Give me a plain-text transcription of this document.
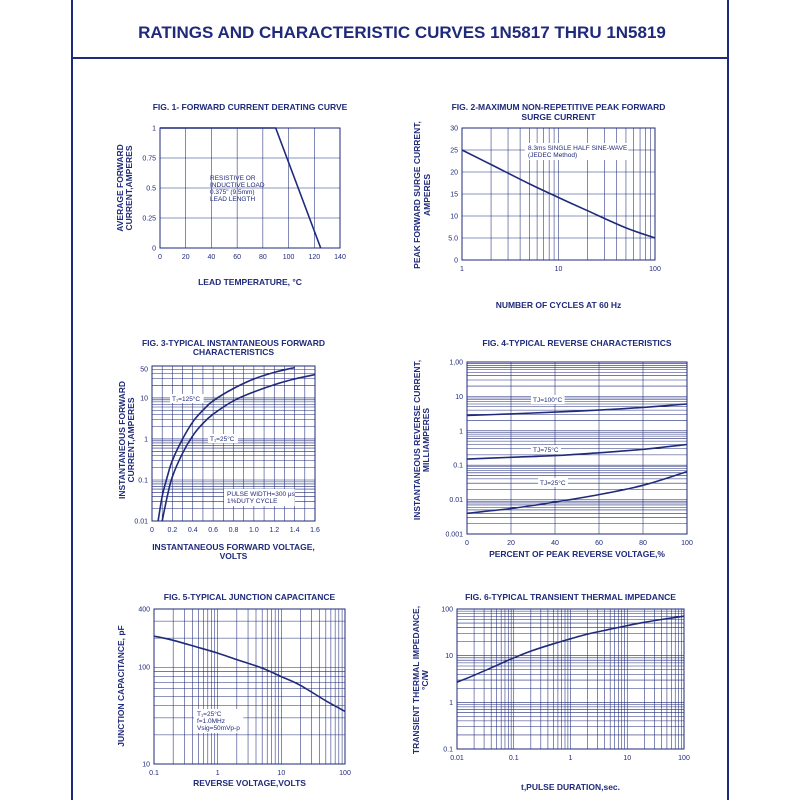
RATINGS AND CHARACTERISTIC CURVES 1N5817 THRU 1N5819
FIG. 1- FORWARD CURRENT DERATING CURVE
LEAD TEMPERATURE, °C
AVERAGE FORWARD CURRENT,AMPERES
0	20	40	60	80 100 120 140
0
0.25
0.5
0.75
1
RESISTIVE OR
INDUCTIVE LOAD
0.375" (9.5mm)
LEAD LENGTH
FIG. 2-MAXIMUM NON-REPETITIVE PEAK FORWARD
SURGE CURRENT
NUMBER OF CYCLES AT 60 Hz
PEAK FORWARD SURGE CURRENT, AMPERES
1	10	100
0
5.0
10
15
20
25
30
8.3ms SINGLE HALF SINE-WAVE
(JEDEC Method)
FIG. 3-TYPICAL INSTANTANEOUS FORWARD
CHARACTERISTICS
INSTANTANEOUS FORWARD VOLTAGE,
VOLTS
INSTANTANEOUS FORWARD CURRENT,AMPERES
0 0.2 0.4 0.6 0.8 1.0 1.2 1.4 1.6
0.01
0.1
1
10
50
PULSE WIDTH=300 μs
1%DUTY CYCLE
T₁=125°C
T₁=25°C
FIG. 4-TYPICAL REVERSE CHARACTERISTICS
PERCENT OF PEAK REVERSE VOLTAGE,%
INSTANTANEOUS REVERSE CURRENT, MILLIAMPERES
0	20	40	60	80	100
0.001
0.01
0.1
1
10
1,00
TJ=100°C
TJ=75°C
TJ=25°C
FIG. 5-TYPICAL JUNCTION CAPACITANCE
REVERSE VOLTAGE,VOLTS
JUNCTION CAPACITANCE, pF
0.1	1	10	100
10
100
400
T₁=25°C
f=1.0MHz
Vsig=50mVp-p
FIG. 6-TYPICAL TRANSIENT THERMAL IMPEDANCE
t,PULSE DURATION,sec.
TRANSIENT THERMAL IMPEDANCE, °C/W
0.01	0.1	1	10	100
0.1
1
10
100
